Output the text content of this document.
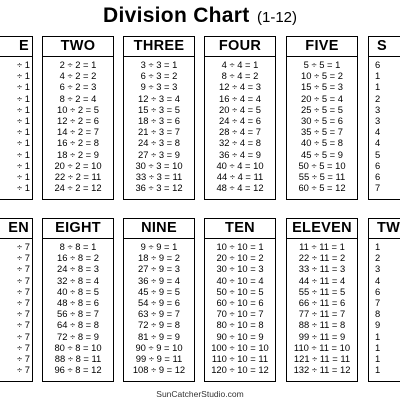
Division Chart (1-12)
E
÷ 1
÷ 1
÷ 1
÷ 1
÷ 1
÷ 1
÷ 1
÷ 1
÷ 1
÷ 1
÷ 1
÷ 1
TWO
2 ÷ 2 = 1
4 ÷ 2 = 2
6 ÷ 2 = 3
8 ÷ 2 = 4
10 ÷ 2 = 5
12 ÷ 2 = 6
14 ÷ 2 = 7
16 ÷ 2 = 8
18 ÷ 2 = 9
20 ÷ 2 = 10
22 ÷ 2 = 11
24 ÷ 2 = 12
THREE
3 ÷ 3 = 1
6 ÷ 3 = 2
9 ÷ 3 = 3
12 ÷ 3 = 4
15 ÷ 3 = 5
18 ÷ 3 = 6
21 ÷ 3 = 7
24 ÷ 3 = 8
27 ÷ 3 = 9
30 ÷ 3 = 10
33 ÷ 3 = 11
36 ÷ 3 = 12
FOUR
4 ÷ 4 = 1
8 ÷ 4 = 2
12 ÷ 4 = 3
16 ÷ 4 = 4
20 ÷ 4 = 5
24 ÷ 4 = 6
28 ÷ 4 = 7
32 ÷ 4 = 8
36 ÷ 4 = 9
40 ÷ 4 = 10
44 ÷ 4 = 11
48 ÷ 4 = 12
FIVE
5 ÷ 5 = 1
10 ÷ 5 = 2
15 ÷ 5 = 3
20 ÷ 5 = 4
25 ÷ 5 = 5
30 ÷ 5 = 6
35 ÷ 5 = 7
40 ÷ 5 = 8
45 ÷ 5 = 9
50 ÷ 5 = 10
55 ÷ 5 = 11
60 ÷ 5 = 12
S
6
1
1
2
3
3
4
4
5
6
6
7
EN
÷ 7
÷ 7
÷ 7
÷ 7
÷ 7
÷ 7
÷ 7
÷ 7
÷ 7
÷ 7
÷ 7
÷ 7
EIGHT
8 ÷ 8 = 1
16 ÷ 8 = 2
24 ÷ 8 = 3
32 ÷ 8 = 4
40 ÷ 8 = 5
48 ÷ 8 = 6
56 ÷ 8 = 7
64 ÷ 8 = 8
72 ÷ 8 = 9
80 ÷ 8 = 10
88 ÷ 8 = 11
96 ÷ 8 = 12
NINE
9 ÷ 9 = 1
18 ÷ 9 = 2
27 ÷ 9 = 3
36 ÷ 9 = 4
45 ÷ 9 = 5
54 ÷ 9 = 6
63 ÷ 9 = 7
72 ÷ 9 = 8
81 ÷ 9 = 9
90 ÷ 9 = 10
99 ÷ 9 = 11
108 ÷ 9 = 12
TEN
10 ÷ 10 = 1
20 ÷ 10 = 2
30 ÷ 10 = 3
40 ÷ 10 = 4
50 ÷ 10 = 5
60 ÷ 10 = 6
70 ÷ 10 = 7
80 ÷ 10 = 8
90 ÷ 10 = 9
100 ÷ 10 = 10
110 ÷ 10 = 11
120 ÷ 10 = 12
ELEVEN
11 ÷ 11 = 1
22 ÷ 11 = 2
33 ÷ 11 = 3
44 ÷ 11 = 4
55 ÷ 11 = 5
66 ÷ 11 = 6
77 ÷ 11 = 7
88 ÷ 11 = 8
99 ÷ 11 = 9
110 ÷ 11 = 10
121 ÷ 11 = 11
132 ÷ 11 = 12
TW
1
2
3
4
6
7
8
9
1
1
1
1
SunCatcherStudio.com
